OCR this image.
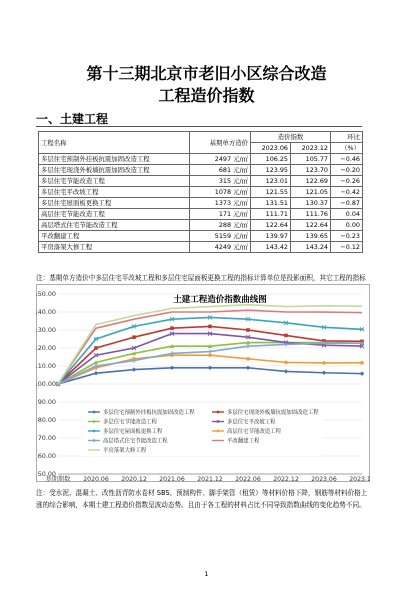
第十三期北京市老旧小区综合改造
工程造价指数
一、土建工程
工程名称	基期单方造价	造价指数		环比
		2023.06	2023.12	（%）
多层住宅预制外挂板抗震加固改造工程	2497 元/㎡	106.25	105.77	−0.46
多层住宅现浇外板墙抗震加固改造工程	681 元/㎡	123.95	123.70	−0.20
多层住宅节能改造工程	315 元/㎡	123.01	122.69	−0.26
多层住宅平改坡工程	1078 元/㎡	121.55	121.05	−0.42
多层住宅屋面板更换工程	1373 元/㎡	131.51	130.37	−0.87
高层住宅节能改造工程	171 元/㎡	111.71	111.76	0.04
高层塔式住宅节能改造工程	288 元/㎡	122.64	122.64	0.00
平改翻建工程	5159 元/㎡	139.97	139.65	−0.23
平房落架大修工程	4249 元/㎡	143.42	143.24	−0.12
注：基期单方造价中多层住宅平改坡工程和多层住宅屋面板更换工程的指标计算单位是投影面积，其它工程的指标
50.00
60.00
70.00
80.00
90.00
00.00
10.00
20.00
30.00
40.00
50.00
基期期数 2020.06 2020.12 2021.06 2021.12 2022.06 2022.12 2023.06 2023.1
土建工程造价指数曲线图
多层住宅预制外挂板抗震加固改造工程	多层住宅现浇外板墙抗震加固改造工程
多层住宅节能改造工程	多层住宅平改坡工程
多层住宅屋面板更换工程	高层住宅节能改造工程
高层塔式住宅节能改造工程	平改翻建工程
平房落架大修工程
注：受水泥、混凝土、改性沥青防水卷材 SBS、预制构件、脚手架管（租赁）等材料价格下降，钢筋等材料价格上涨的综合影响，本期土建工程造价指数呈波动态势。且由于各工程的材料占比不同导致指数曲线的变化趋势不同。
1
